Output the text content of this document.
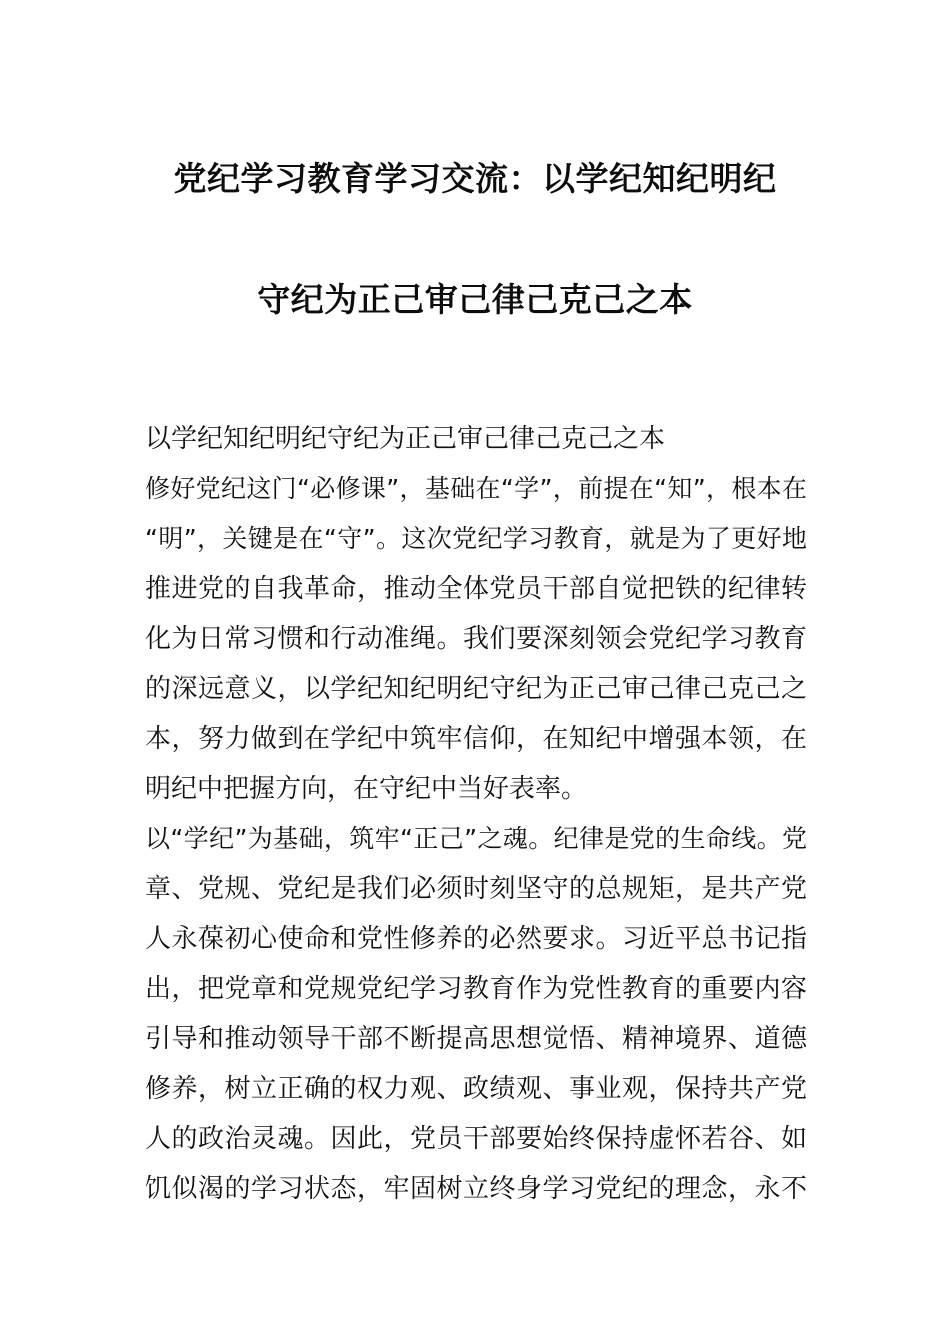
党纪学习教育学习交流：以学纪知纪明纪
守纪为正己审己律己克己之本
以学纪知纪明纪守纪为正己审己律己克己之本
修好党纪这门“必修课”，基础在“学”，前提在“知”，根本在
“明”，关键是在“守”。这次党纪学习教育，就是为了更好地
推进党的自我革命，推动全体党员干部自觉把铁的纪律转
化为日常习惯和行动准绳。我们要深刻领会党纪学习教育
的深远意义，以学纪知纪明纪守纪为正己审己律己克己之
本，努力做到在学纪中筑牢信仰，在知纪中增强本领，在
明纪中把握方向，在守纪中当好表率。
以“学纪”为基础，筑牢“正己”之魂。纪律是党的生命线。党
章、党规、党纪是我们必须时刻坚守的总规矩，是共产党
人永葆初心使命和党性修养的必然要求。习近平总书记指
出，把党章和党规党纪学习教育作为党性教育的重要内容
引导和推动领导干部不断提高思想觉悟、精神境界、道德
修养，树立正确的权力观、政绩观、事业观，保持共产党
人的政治灵魂。因此，党员干部要始终保持虚怀若谷、如
饥似渴的学习状态，牢固树立终身学习党纪的理念，永不
